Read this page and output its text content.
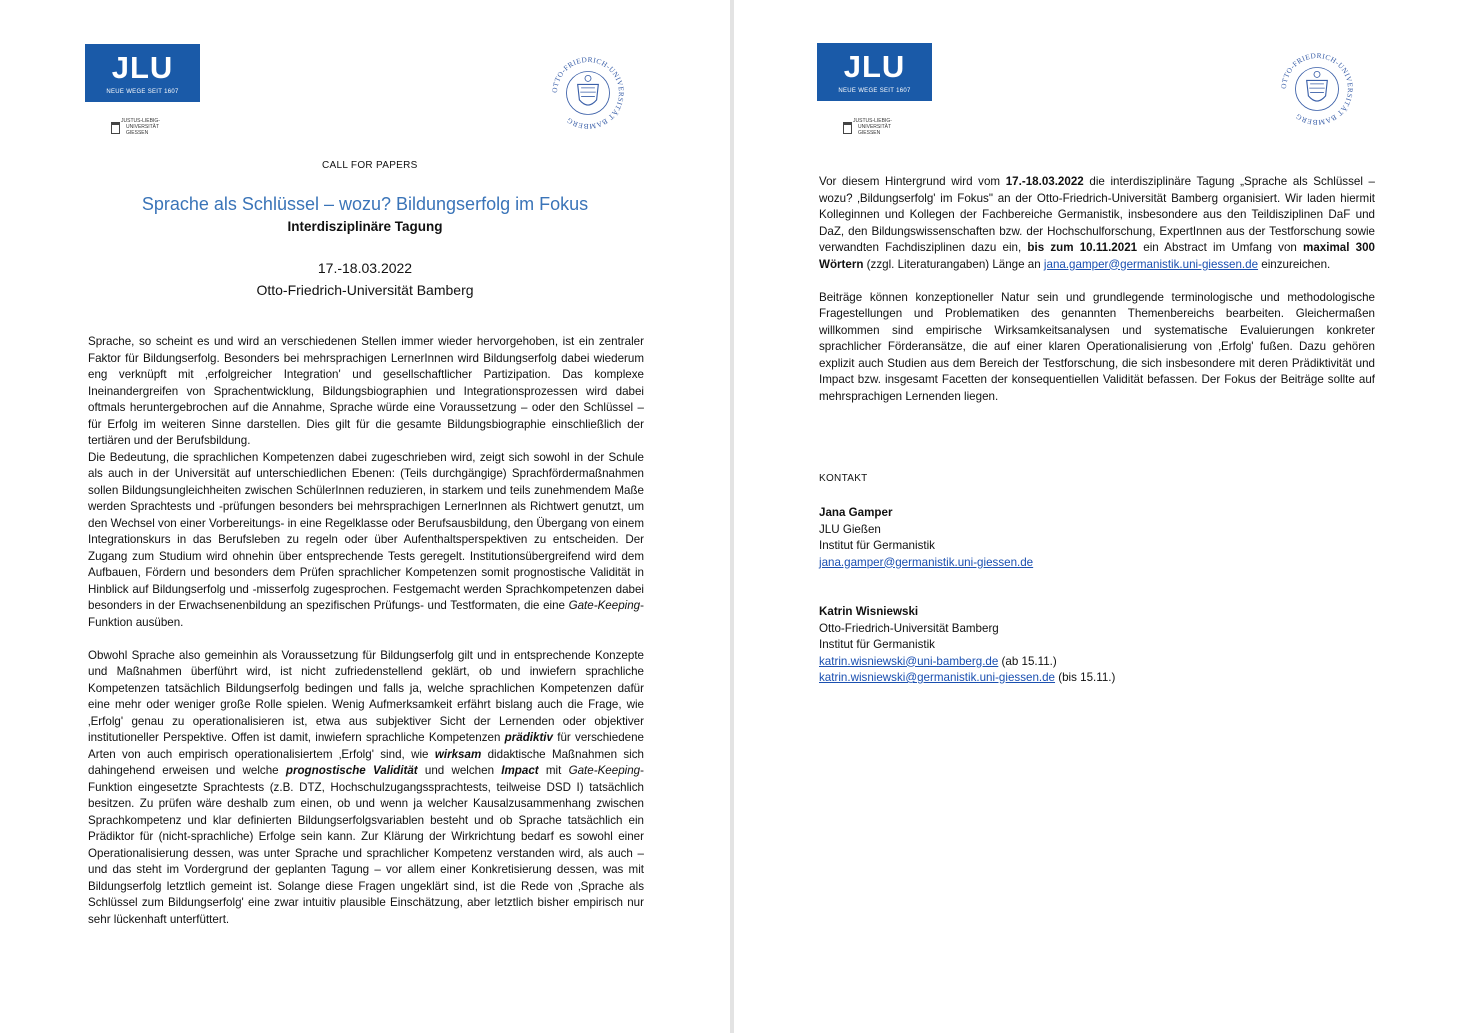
JLU
NEUE WEGE SEIT 1607
JUSTUS-LIEBIG-
UNIVERSITÄT
GIESSEN
OTTO-FRIEDRICH-UNIVERSITÄT BAMBERG
CALL FOR PAPERS
Sprache als Schlüssel – wozu? Bildungserfolg im Fokus
Interdisziplinäre Tagung
17.-18.03.2022
Otto-Friedrich-Universität Bamberg

Sprache, so scheint es und wird an verschiedenen Stellen immer wieder hervorgehoben, ist ein zentraler Faktor für Bildungserfolg. Besonders bei mehrsprachigen LernerInnen wird Bildungserfolg dabei wiederum eng verknüpft mit ‚erfolgreicher Integration' und gesellschaftlicher Partizipation. Das komplexe Ineinandergreifen von Sprachentwicklung, Bildungsbiographien und Integrationsprozessen wird dabei oftmals heruntergebrochen auf die Annahme, Sprache würde eine Voraussetzung – oder den Schlüssel – für Erfolg im weiteren Sinne darstellen. Dies gilt für die gesamte Bildungsbiographie einschließlich der tertiären und der Berufsbildung.

Die Bedeutung, die sprachlichen Kompetenzen dabei zugeschrieben wird, zeigt sich sowohl in der Schule als auch in der Universität auf unterschiedlichen Ebenen: (Teils durchgängige) Sprachfördermaßnahmen sollen Bildungsungleichheiten zwischen SchülerInnen reduzieren, in starkem und teils zunehmendem Maße werden Sprachtests und -prüfungen besonders bei mehrsprachigen LernerInnen als Richtwert genutzt, um den Wechsel von einer Vorbereitungs- in eine Regelklasse oder Berufsausbildung, den Übergang von einem Integrationskurs in das Berufsleben zu regeln oder über Aufenthaltsperspektiven zu entscheiden. Der Zugang zum Studium wird ohnehin über entsprechende Tests geregelt. Institutionsübergreifend wird dem Aufbauen, Fördern und besonders dem Prüfen sprachlicher Kompetenzen somit prognostische Validität in Hinblick auf Bildungserfolg und -misserfolg zugesprochen. Festgemacht werden Sprachkompetenzen dabei besonders in der Erwachsenenbildung an spezifischen Prüfungs- und Testformaten, die eine Gate-Keeping-Funktion ausüben.

Obwohl Sprache also gemeinhin als Voraussetzung für Bildungserfolg gilt und in entsprechende Konzepte und Maßnahmen überführt wird, ist nicht zufriedenstellend geklärt, ob und inwiefern sprachliche Kompetenzen tatsächlich Bildungserfolg bedingen und falls ja, welche sprachlichen Kompetenzen dafür eine mehr oder weniger große Rolle spielen. Wenig Aufmerksamkeit erfährt bislang auch die Frage, wie ‚Erfolg' genau zu operationalisieren ist, etwa aus subjektiver Sicht der Lernenden oder objektiver institutioneller Perspektive. Offen ist damit, inwiefern sprachliche Kompetenzen prädiktiv für verschiedene Arten von auch empirisch operationalisiertem ‚Erfolg' sind, wie wirksam didaktische Maßnahmen sich dahingehend erweisen und welche prognostische Validität und welchen Impact mit Gate-Keeping-Funktion eingesetzte Sprachtests (z.B. DTZ, Hochschulzugangssprachtests, teilweise DSD I) tatsächlich besitzen. Zu prüfen wäre deshalb zum einen, ob und wenn ja welcher Kausalzusammenhang zwischen Sprachkompetenz und klar definierten Bildungserfolgsvariablen besteht und ob Sprache tatsächlich ein Prädiktor für (nicht-sprachliche) Erfolge sein kann. Zur Klärung der Wirkrichtung bedarf es sowohl einer Operationalisierung dessen, was unter Sprache und sprachlicher Kompetenz verstanden wird, als auch – und das steht im Vordergrund der geplanten Tagung – vor allem einer Konkretisierung dessen, was mit Bildungserfolg letztlich gemeint ist. Solange diese Fragen ungeklärt sind, ist die Rede von ‚Sprache als Schlüssel zum Bildungserfolg' eine zwar intuitiv plausible Einschätzung, aber letztlich bisher empirisch nur sehr lückenhaft unterfüttert.

JLU
NEUE WEGE SEIT 1607
JUSTUS-LIEBIG-
UNIVERSITÄT
GIESSEN
OTTO-FRIEDRICH-UNIVERSITÄT BAMBERG

Vor diesem Hintergrund wird vom 17.-18.03.2022 die interdisziplinäre Tagung „Sprache als Schlüssel – wozu? ‚Bildungserfolg' im Fokus" an der Otto-Friedrich-Universität Bamberg organisiert. Wir laden hiermit Kolleginnen und Kollegen der Fachbereiche Germanistik, insbesondere aus den Teildisziplinen DaF und DaZ, den Bildungswissenschaften bzw. der Hochschulforschung, ExpertInnen aus der Testforschung sowie verwandten Fachdisziplinen dazu ein, bis zum 10.11.2021 ein Abstract im Umfang von maximal 300 Wörtern (zzgl. Literaturangaben) Länge an jana.gamper@germanistik.uni-giessen.de einzureichen.

Beiträge können konzeptioneller Natur sein und grundlegende terminologische und methodologische Fragestellungen und Problematiken des genannten Themenbereichs bearbeiten. Gleichermaßen willkommen sind empirische Wirksamkeitsanalysen und systematische Evaluierungen konkreter sprachlicher Förderansätze, die auf einer klaren Operationalisierung von ‚Erfolg' fußen. Dazu gehören explizit auch Studien aus dem Bereich der Testforschung, die sich insbesondere mit deren Prädiktivität und Impact bzw. insgesamt Facetten der konsequentiellen Validität befassen. Der Fokus der Beiträge sollte auf mehrsprachigen Lernenden liegen.

KONTAKT
Jana Gamper
JLU Gießen
Institut für Germanistik
jana.gamper@germanistik.uni-giessen.de
Katrin Wisniewski
Otto-Friedrich-Universität Bamberg
Institut für Germanistik
katrin.wisniewski@uni-bamberg.de (ab 15.11.)
katrin.wisniewski@germanistik.uni-giessen.de (bis 15.11.)
